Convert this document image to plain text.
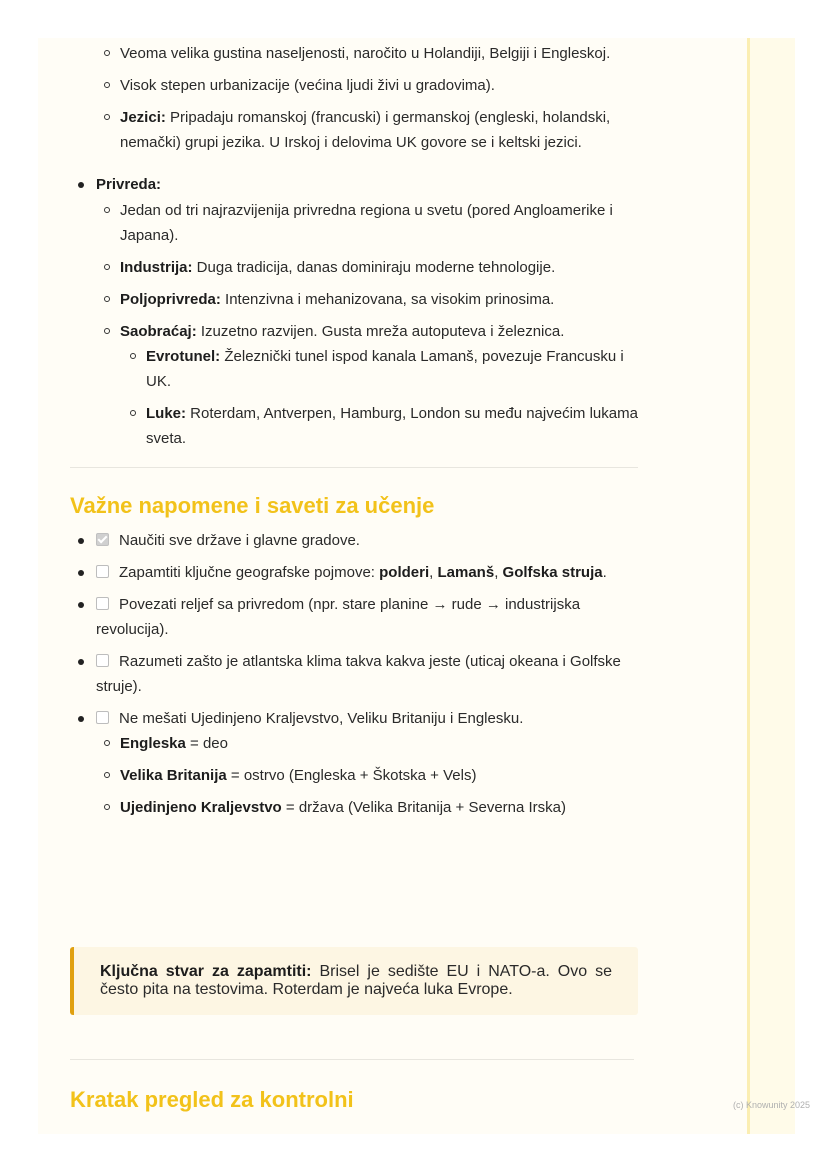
Veoma velika gustina naseljenosti, naročito u Holandiji, Belgiji i Engleskoj.
Visok stepen urbanizacije (većina ljudi živi u gradovima).
Jezici: Pripadaju romanskoj (francuski) i germanskoj (engleski, holandski, nemački) grupi jezika. U Irskoj i delovima UK govore se i keltski jezici.
Privreda:
Jedan od tri najrazvijenija privredna regiona u svetu (pored Angloamerike i Japana).
Industrija: Duga tradicija, danas dominiraju moderne tehnologije.
Poljoprivreda: Intenzivna i mehanizovana, sa visokim prinosima.
Saobraćaj: Izuzetno razvijen. Gusta mreža autoputeva i železnica.
Evrotunel: Železnički tunel ispod kanala Lamanš, povezuje Francusku i UK.
Luke: Roterdam, Antverpen, Hamburg, London su među najvećim lukama sveta.
Važne napomene i saveti za učenje
Naučiti sve države i glavne gradove.
Zapamtiti ključne geografske pojmove: polderi, Lamanš, Golfska struja.
Povezati reljef sa privredom (npr. stare planine → rude → industrijska revolucija).
Razumeti zašto je atlantska klima takva kakva jeste (uticaj okeana i Golfske struje).
Ne mešati Ujedinjeno Kraljevstvo, Veliku Britaniju i Englesku.
Engleska = deo
Velika Britanija = ostrvo (Engleska + Škotska + Vels)
Ujedinjeno Kraljevstvo = država (Velika Britanija + Severna Irska)

Ključna stvar za zapamtiti: Brisel je sedište EU i NATO-a. Ovo se često pita na testovima. Roterdam je najveća luka Evrope.

Kratak pregled za kontrolni	(c) Knowunity 2025
